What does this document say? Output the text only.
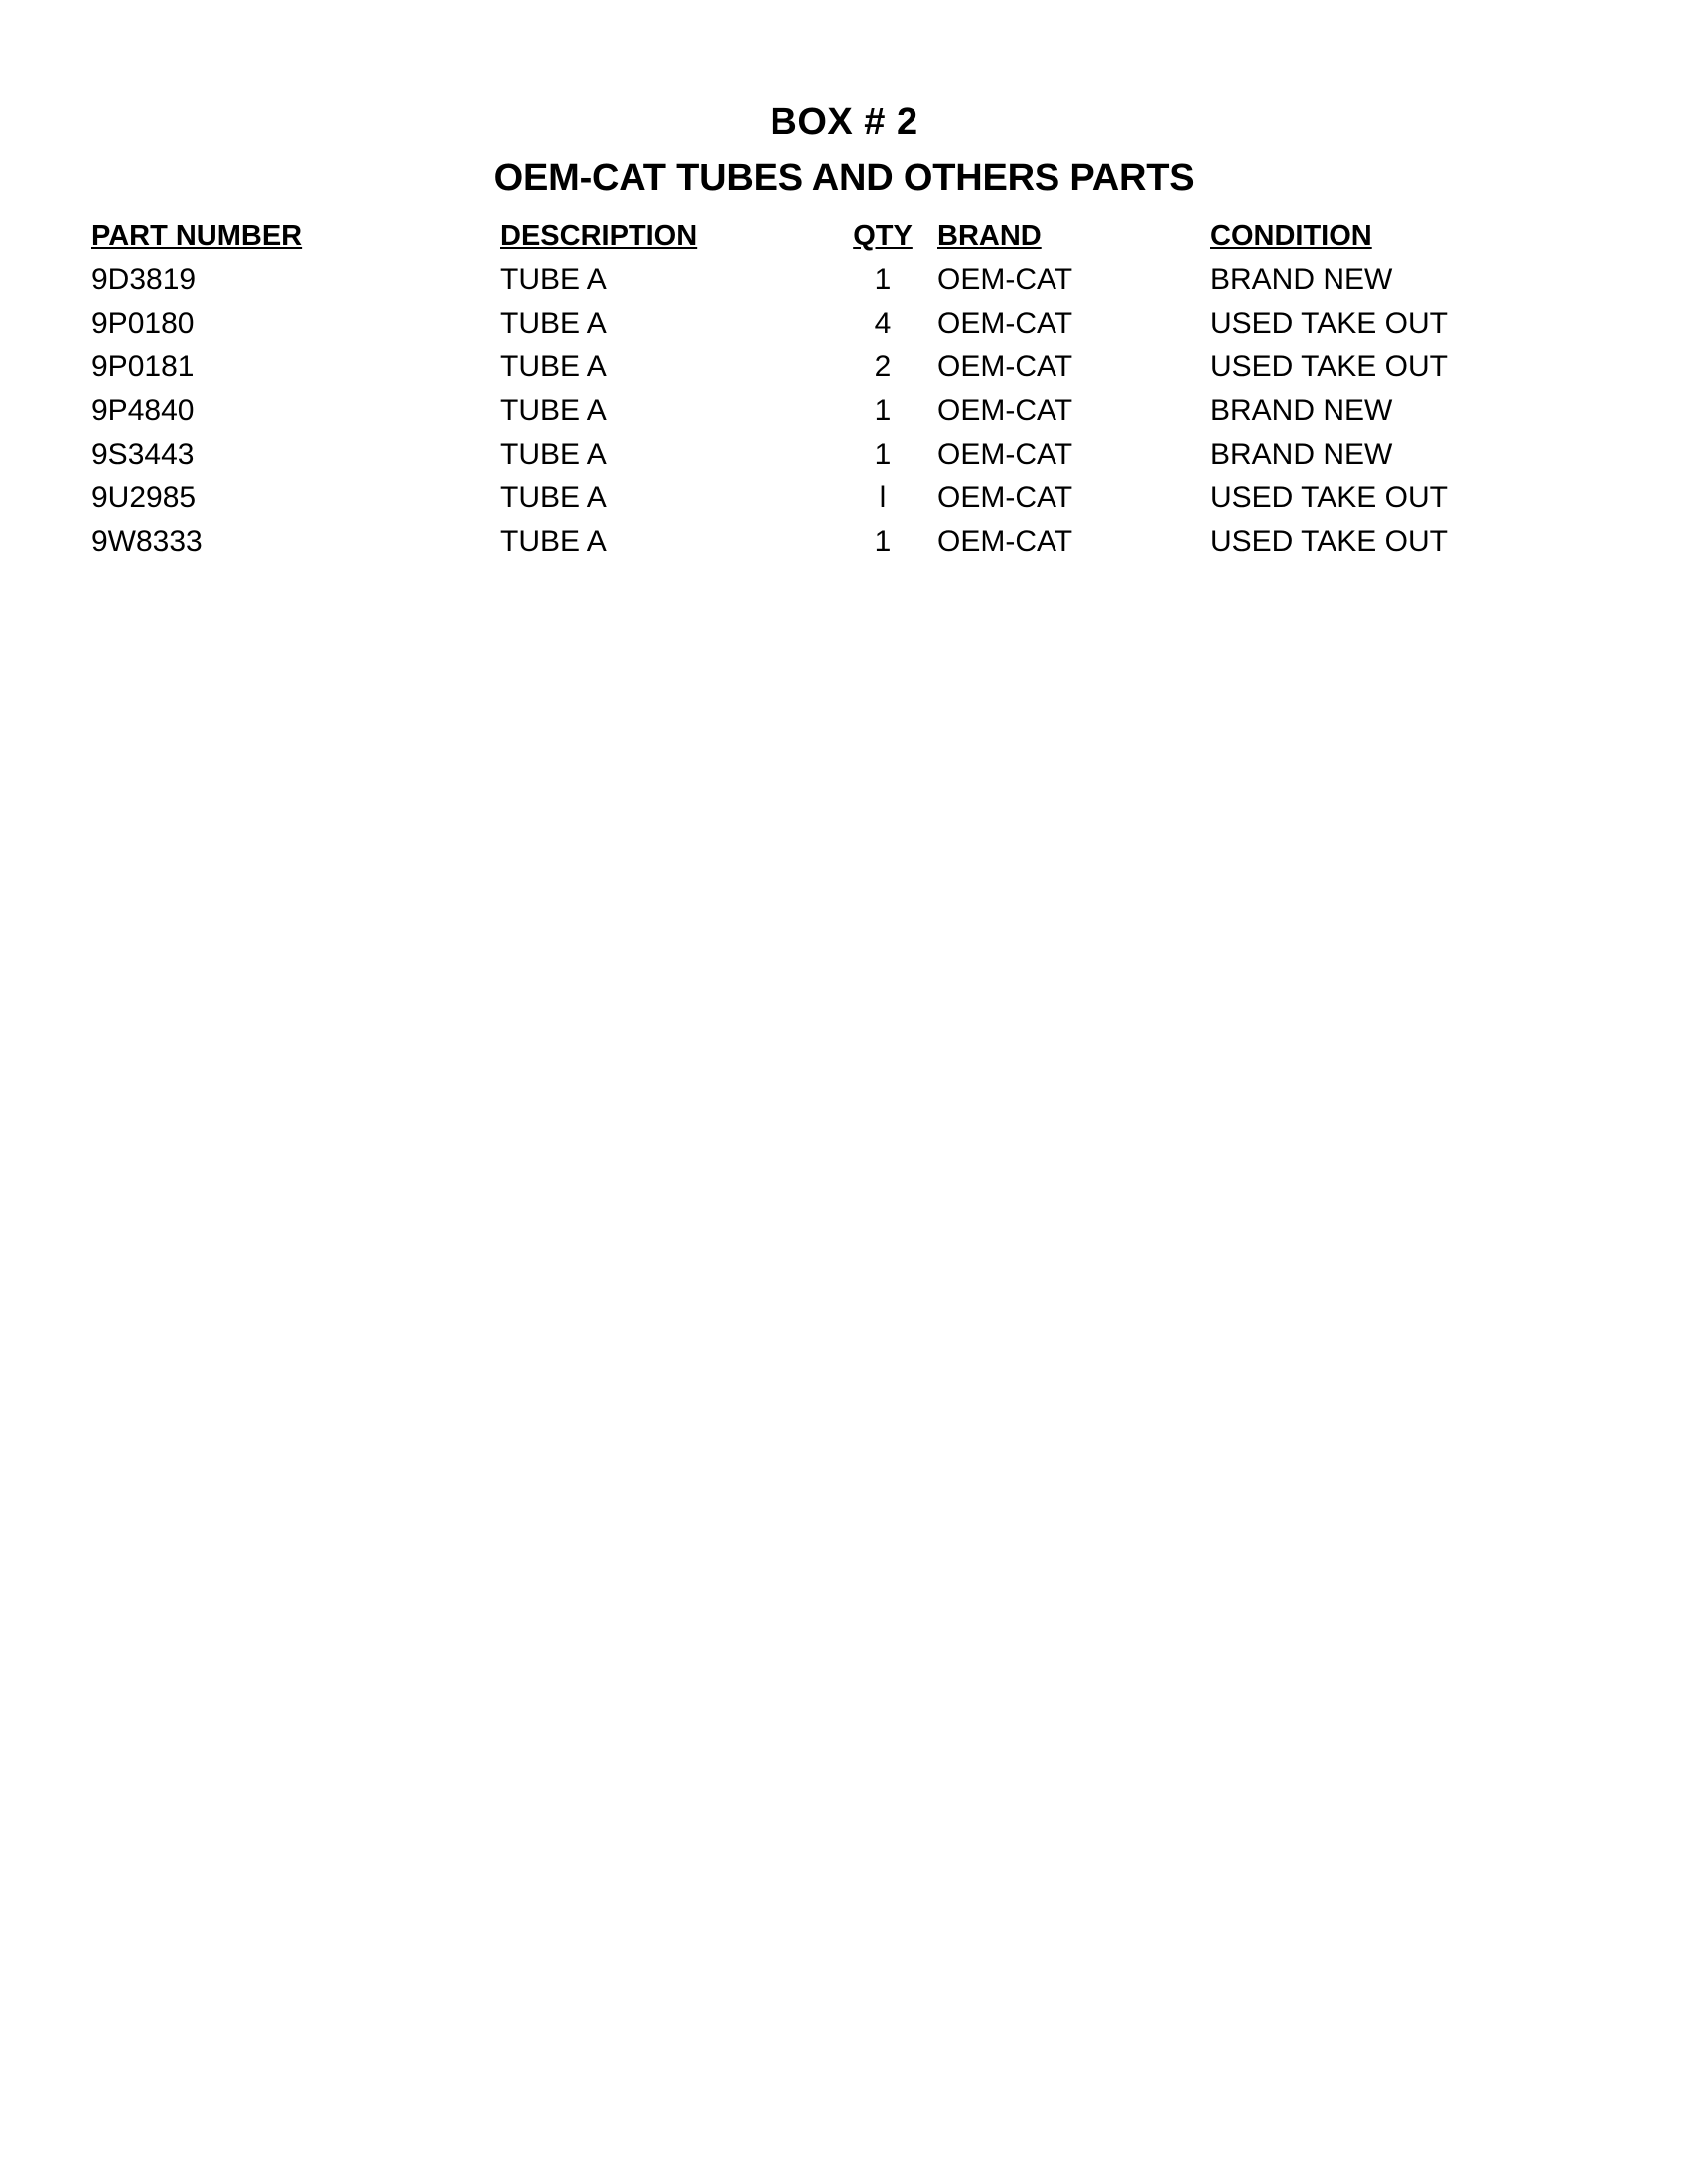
BOX # 2
OEM-CAT TUBES AND OTHERS PARTS
PART NUMBER	DESCRIPTION	QTY	BRAND	CONDITION
9D3819	TUBE A	1	OEM-CAT	BRAND NEW
9P0180	TUBE A	4	OEM-CAT	USED TAKE OUT
9P0181	TUBE A	2	OEM-CAT	USED TAKE OUT
9P4840	TUBE A	1	OEM-CAT	BRAND NEW
9S3443	TUBE A	1	OEM-CAT	BRAND NEW
9U2985	TUBE A	l	OEM-CAT	USED TAKE OUT
9W8333	TUBE A	1	OEM-CAT	USED TAKE OUT
